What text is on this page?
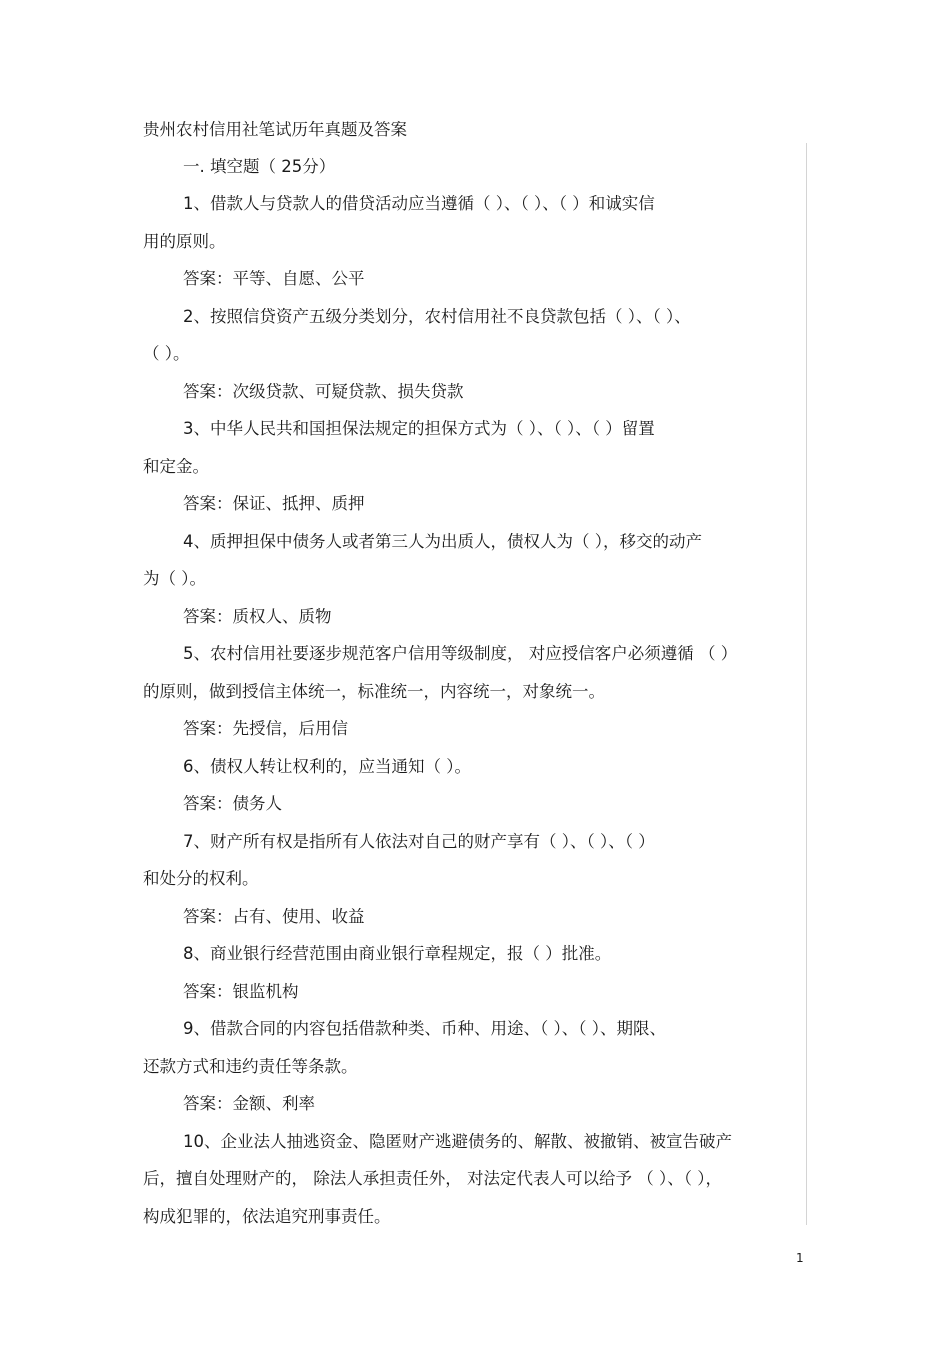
贵州农村信用社笔试历年真题及答案
一. 填空题（ 25分）
1、借款人与贷款人的借贷活动应当遵循（ ）、（ ）、（ ）和诚实信
用的原则。
答案：平等、自愿、公平
2、按照信贷资产五级分类划分，农村信用社不良贷款包括（ ）、（ ）、
（ ）。
答案：次级贷款、可疑贷款、损失贷款
3、中华人民共和国担保法规定的担保方式为（ ）、（ ）、（ ）留置
和定金。
答案：保证、抵押、质押
4、质押担保中债务人或者第三人为出质人，债权人为（ ），移交的动产
为（ ）。
答案：质权人、质物
5、农村信用社要逐步规范客户信用等级制度， 对应授信客户必须遵循 （ ）
的原则，做到授信主体统一，标准统一，内容统一，对象统一。
答案：先授信，后用信
6、债权人转让权利的，应当通知（ ）。
答案：债务人
7、财产所有权是指所有人依法对自己的财产享有（ ）、（ ）、（ ）
和处分的权利。
答案：占有、使用、收益
8、商业银行经营范围由商业银行章程规定，报（ ）批准。
答案：银监机构
9、借款合同的内容包括借款种类、币种、用途、（ ）、（ ）、期限、
还款方式和违约责任等条款。
答案：金额、利率
10、企业法人抽逃资金、隐匿财产逃避债务的、解散、被撤销、被宣告破产
后，擅自处理财产的， 除法人承担责任外， 对法定代表人可以给予 （ ）、（ ），
构成犯罪的，依法追究刑事责任。
1
